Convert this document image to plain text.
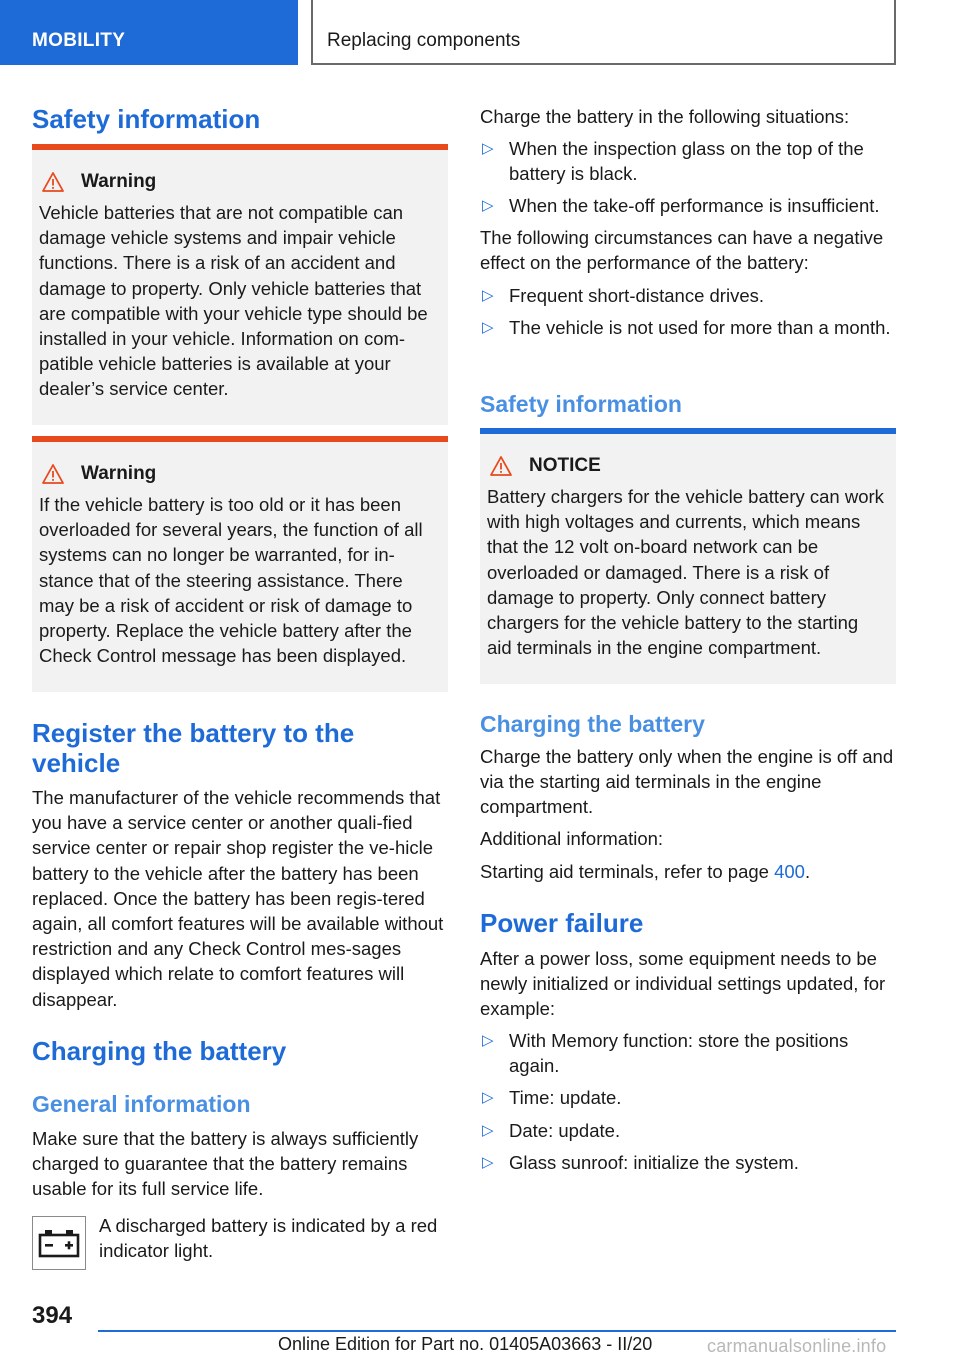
MOBILITY	Replacing components
Safety information
Warning
Vehicle batteries that are not compatible can damage vehicle systems and impair vehicle functions. There is a risk of an accident and damage to property. Only vehicle batteries that are compatible with your vehicle type should be installed in your vehicle. Information on com-patible vehicle batteries is available at your dealer’s service center.
Warning
If the vehicle battery is too old or it has been overloaded for several years, the function of all systems can no longer be warranted, for in-stance that of the steering assistance. There may be a risk of accident or risk of damage to property. Replace the vehicle battery after the Check Control message has been displayed.
Register the battery to the vehicle
The manufacturer of the vehicle recommends that you have a service center or another quali-fied service center or repair shop register the ve-hicle battery to the vehicle after the battery has been replaced. Once the battery has been regis-tered again, all comfort features will be available without restriction and any Check Control mes-sages displayed which relate to comfort features will disappear.
Charging the battery
General information
Make sure that the battery is always sufficiently charged to guarantee that the battery remains usable for its full service life.
A discharged battery is indicated by a red indicator light.
Charge the battery in the following situations:
▷ When the inspection glass on the top of the battery is black.
▷ When the take-off performance is insufficient.
The following circumstances can have a negative effect on the performance of the battery:
▷ Frequent short-distance drives.
▷ The vehicle is not used for more than a month.
Safety information
NOTICE
Battery chargers for the vehicle battery can work with high voltages and currents, which means that the 12 volt on-board network can be overloaded or damaged. There is a risk of damage to property. Only connect battery chargers for the vehicle battery to the starting aid terminals in the engine compartment.
Charging the battery
Charge the battery only when the engine is off and via the starting aid terminals in the engine compartment.
Additional information:
Starting aid terminals, refer to page 400.
Power failure
After a power loss, some equipment needs to be newly initialized or individual settings updated, for example:
▷ With Memory function: store the positions again.
▷ Time: update.
▷ Date: update.
▷ Glass sunroof: initialize the system.
394
Online Edition for Part no. 01405A03663 - II/20	carmanualsonline.info
